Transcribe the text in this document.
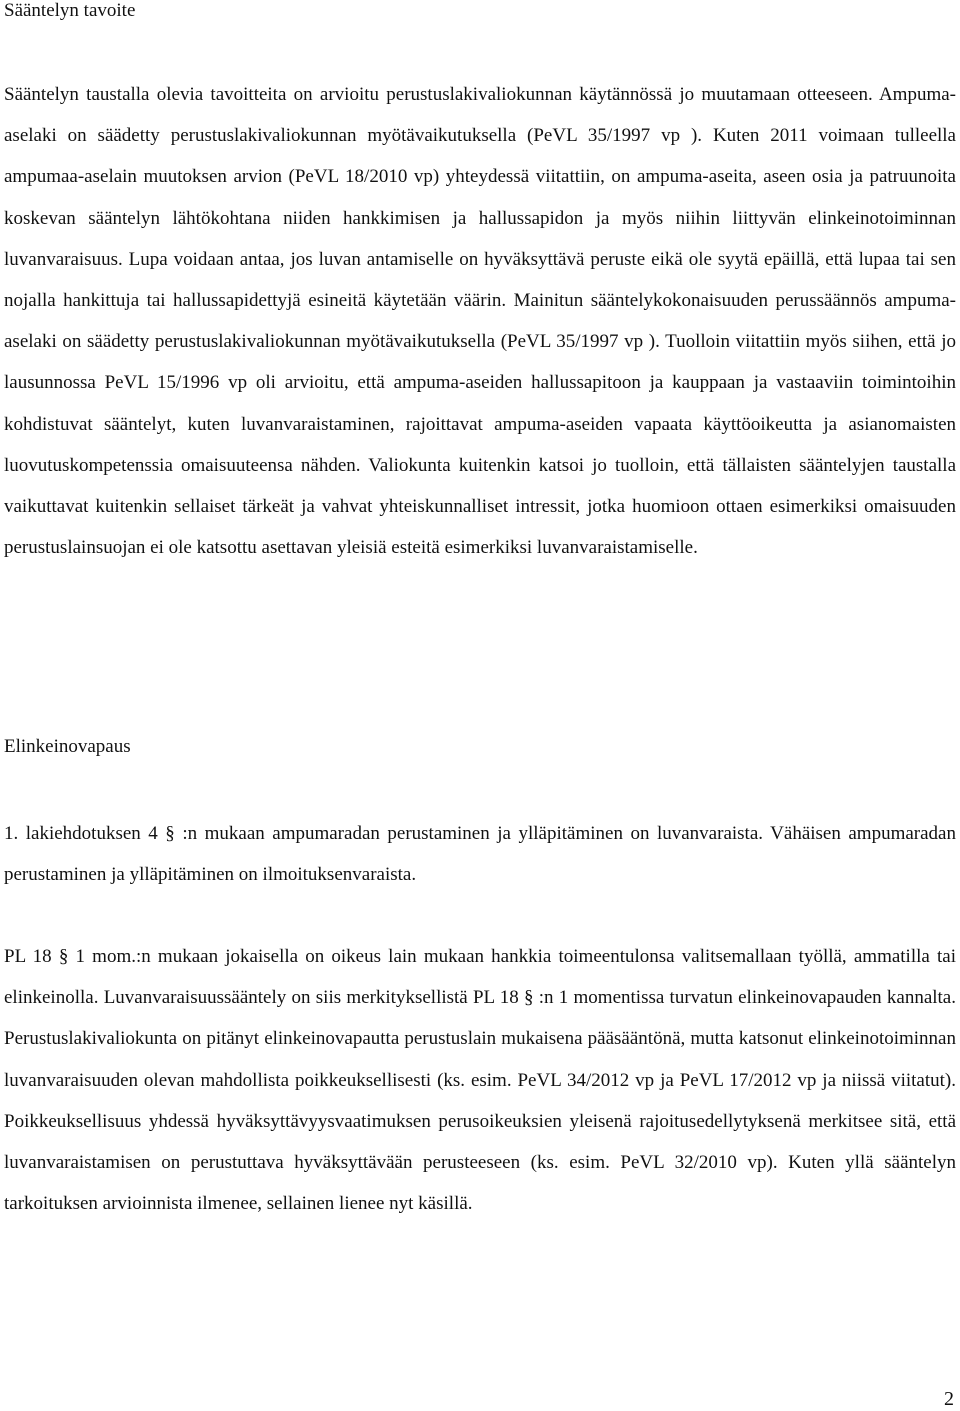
Sääntelyn tavoite

Sääntelyn taustalla olevia tavoitteita on arvioitu perustuslakivaliokunnan käytännössä jo muutamaan otteeseen. Ampuma-aselaki on säädetty perustuslakivaliokunnan myötävaikutuksella (PeVL 35/1997 vp ). Kuten 2011 voimaan tulleella ampumaa-aselain muutoksen arvion (PeVL 18/2010 vp) yhteydessä viitattiin, on ampuma-aseita, aseen osia ja patruunoita koskevan sääntelyn lähtökohtana niiden hankkimisen ja hallussapidon ja myös niihin liittyvän elinkeinotoiminnan luvanvaraisuus. Lupa voidaan antaa, jos luvan antamiselle on hyväksyttävä peruste eikä ole syytä epäillä, että lupaa tai sen nojalla hankittuja tai hallussapidettyjä esineitä käytetään väärin. Mainitun sääntelykokonaisuuden perussäännös ampuma-aselaki on säädetty perustuslakivaliokunnan myötävaikutuksella (PeVL 35/1997 vp ). Tuolloin viitattiin myös siihen, että jo lausunnossa PeVL 15/1996 vp oli arvioitu, että ampuma-aseiden hallussapitoon ja kauppaan ja vastaaviin toimintoihin kohdistuvat sääntelyt, kuten luvanvaraistaminen, rajoittavat ampuma-aseiden vapaata käyttöoikeutta ja asianomaisten luovutuskompetenssia omaisuuteensa nähden. Valiokunta kuitenkin katsoi jo tuolloin, että tällaisten sääntelyjen taustalla vaikuttavat kuitenkin sellaiset tärkeät ja vahvat yhteiskunnalliset intressit, jotka huomioon ottaen esimerkiksi omaisuuden perustuslainsuojan ei ole katsottu asettavan yleisiä esteitä esimerkiksi luvanvaraistamiselle.

Elinkeinovapaus

1. lakiehdotuksen 4 § :n mukaan ampumaradan perustaminen ja ylläpitäminen on luvanvaraista. Vähäisen ampumaradan perustaminen ja ylläpitäminen on ilmoituksenvaraista.

PL 18 § 1 mom.:n mukaan jokaisella on oikeus lain mukaan hankkia toimeentulonsa valitsemallaan työllä, ammatilla tai elinkeinolla. Luvanvaraisuussääntely on siis merkityksellistä PL 18 § :n 1 momentissa turvatun elinkeinovapauden kannalta. Perustuslakivaliokunta on pitänyt elinkeinovapautta perustuslain mukaisena pääsääntönä, mutta katsonut elinkeinotoiminnan luvanvaraisuuden olevan mahdollista poikkeuksellisesti (ks. esim. PeVL 34/2012 vp ja PeVL 17/2012 vp ja niissä viitatut). Poikkeuksellisuus yhdessä hyväksyttävyysvaatimuksen perusoikeuksien yleisenä rajoitusedellytyksenä merkitsee sitä, että luvanvaraistamisen on perustuttava hyväksyttävään perusteeseen (ks. esim. PeVL 32/2010 vp). Kuten yllä sääntelyn tarkoituksen arvioinnista ilmenee, sellainen lienee nyt käsillä.

2
